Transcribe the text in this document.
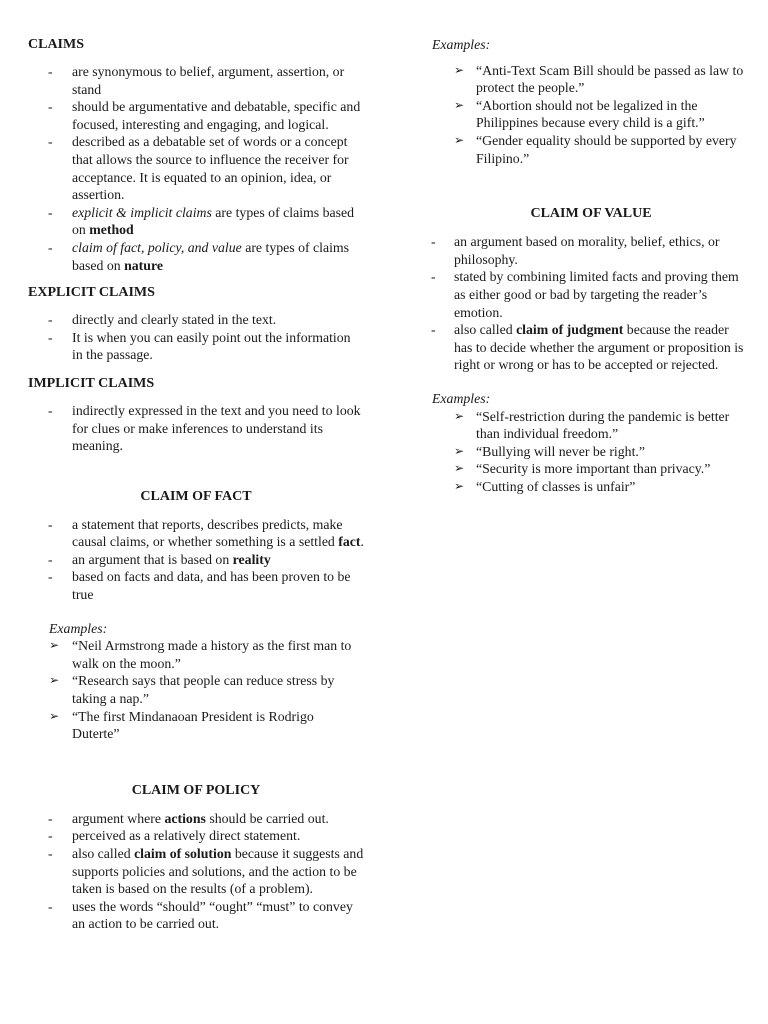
CLAIMS
- are synonymous to belief, argument, assertion, or stand
- should be argumentative and debatable, specific and focused, interesting and engaging, and logical.
- described as a debatable set of words or a concept that allows the source to influence the receiver for acceptance. It is equated to an opinion, idea, or assertion.
- explicit & implicit claims are types of claims based on method
- claim of fact, policy, and value are types of claims based on nature
EXPLICIT CLAIMS
- directly and clearly stated in the text.
- It is when you can easily point out the information in the passage.
IMPLICIT CLAIMS
- indirectly expressed in the text and you need to look for clues or make inferences to understand its meaning.
CLAIM OF FACT
- a statement that reports, describes predicts, make causal claims, or whether something is a settled fact.
- an argument that is based on reality
- based on facts and data, and has been proven to be true
Examples:
➢ “Neil Armstrong made a history as the first man to walk on the moon.”
➢ “Research says that people can reduce stress by taking a nap.”
➢ “The first Mindanaoan President is Rodrigo Duterte”
CLAIM OF POLICY
- argument where actions should be carried out.
- perceived as a relatively direct statement.
- also called claim of solution because it suggests and supports policies and solutions, and the action to be taken is based on the results (of a problem).
- uses the words “should” “ought” “must” to convey an action to be carried out.
Examples:
➢ “Anti-Text Scam Bill should be passed as law to protect the people.”
➢ “Abortion should not be legalized in the Philippines because every child is a gift.”
➢ “Gender equality should be supported by every Filipino.”
CLAIM OF VALUE
- an argument based on morality, belief, ethics, or philosophy.
- stated by combining limited facts and proving them as either good or bad by targeting the reader’s emotion.
- also called claim of judgment because the reader has to decide whether the argument or proposition is right or wrong or has to be accepted or rejected.
Examples:
➢ “Self-restriction during the pandemic is better than individual freedom.”
➢ “Bullying will never be right.”
➢ “Security is more important than privacy.”
➢ “Cutting of classes is unfair”
